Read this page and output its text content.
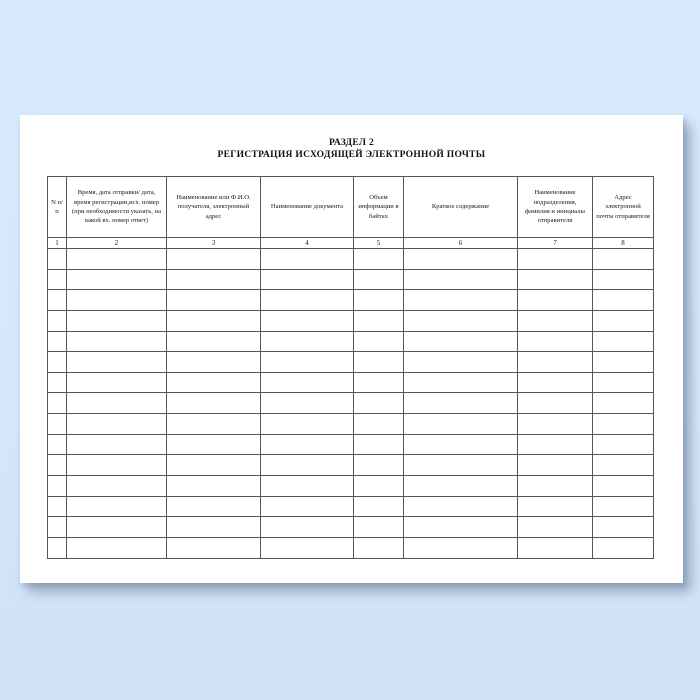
РАЗДЕЛ 2
РЕГИСТРАЦИЯ ИСХОДЯЩЕЙ ЭЛЕКТРОННОЙ ПОЧТЫ
N п/п	Время, дата отправки/ дата, время регистрации,исх. номер (при необходимости указать, на какой вх. номер ответ)	Наименование или Ф.И.О. получателя, электронный адрес	Наименование документа	Объем информации в байтах	Краткое содержание	Наименование подразделения, фамилия и инициалы отправителя	Адрес электронной почты отправителя
1	2	3	4	5	6	7	8
